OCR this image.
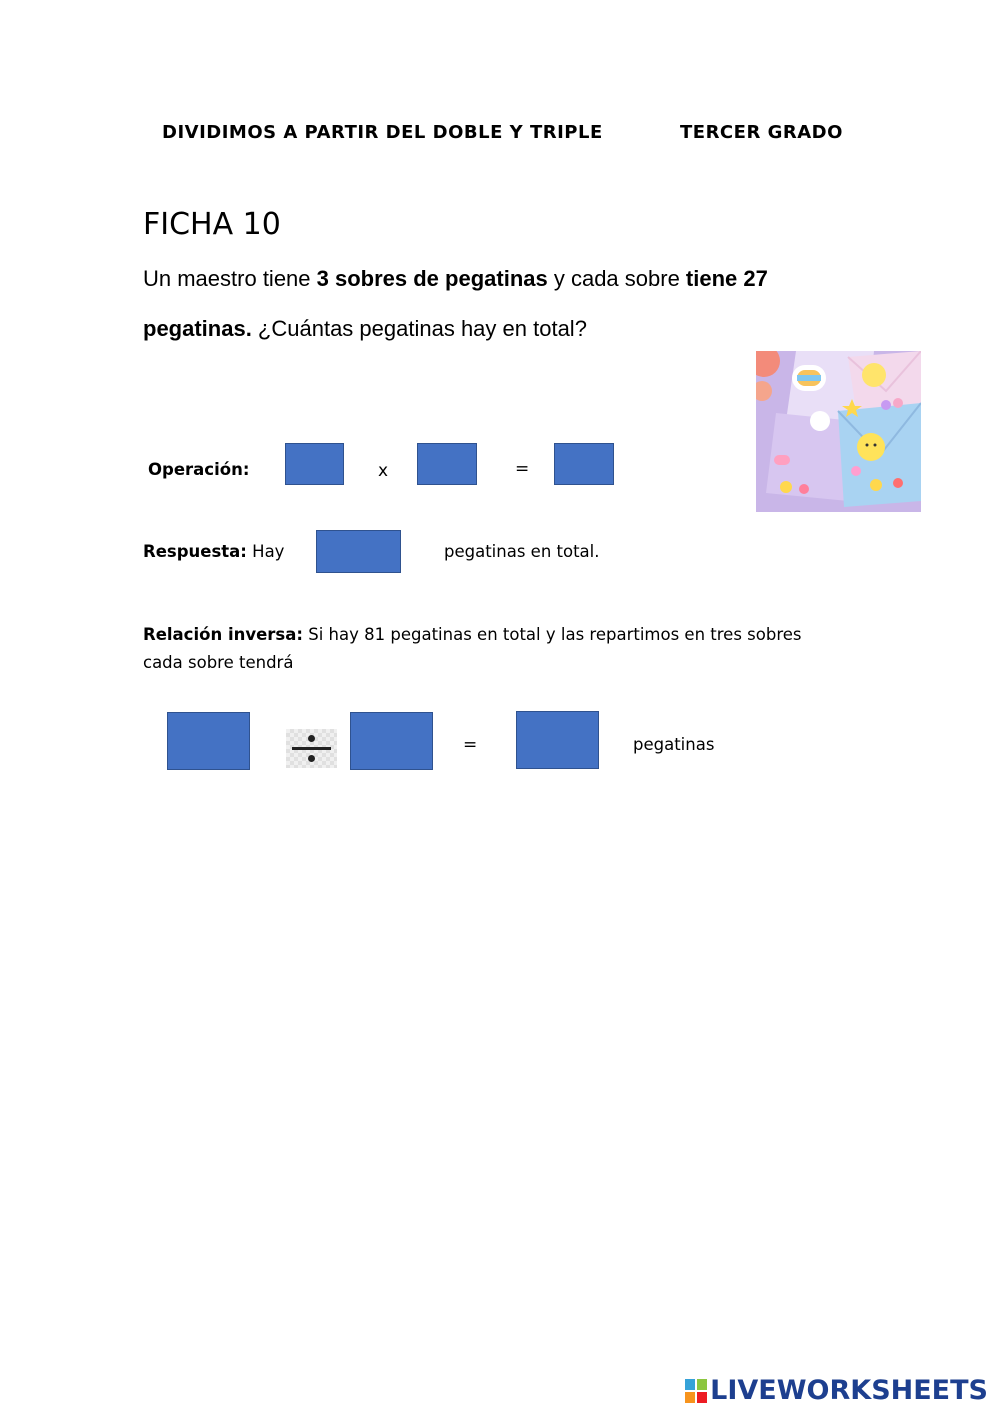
DIVIDIMOS A PARTIR DEL DOBLE Y TRIPLE	TERCER GRADO
FICHA 10
Un maestro tiene 3 sobres de pegatinas y cada sobre tiene 27
pegatinas. ¿Cuántas pegatinas hay en total?
Operación:	x	=
Respuesta: Hay	pegatinas en total.
Relación inversa: Si hay 81 pegatinas en total y las repartimos en tres sobres
cada sobre tendrá
=	pegatinas
LIVEWORKSHEETS
